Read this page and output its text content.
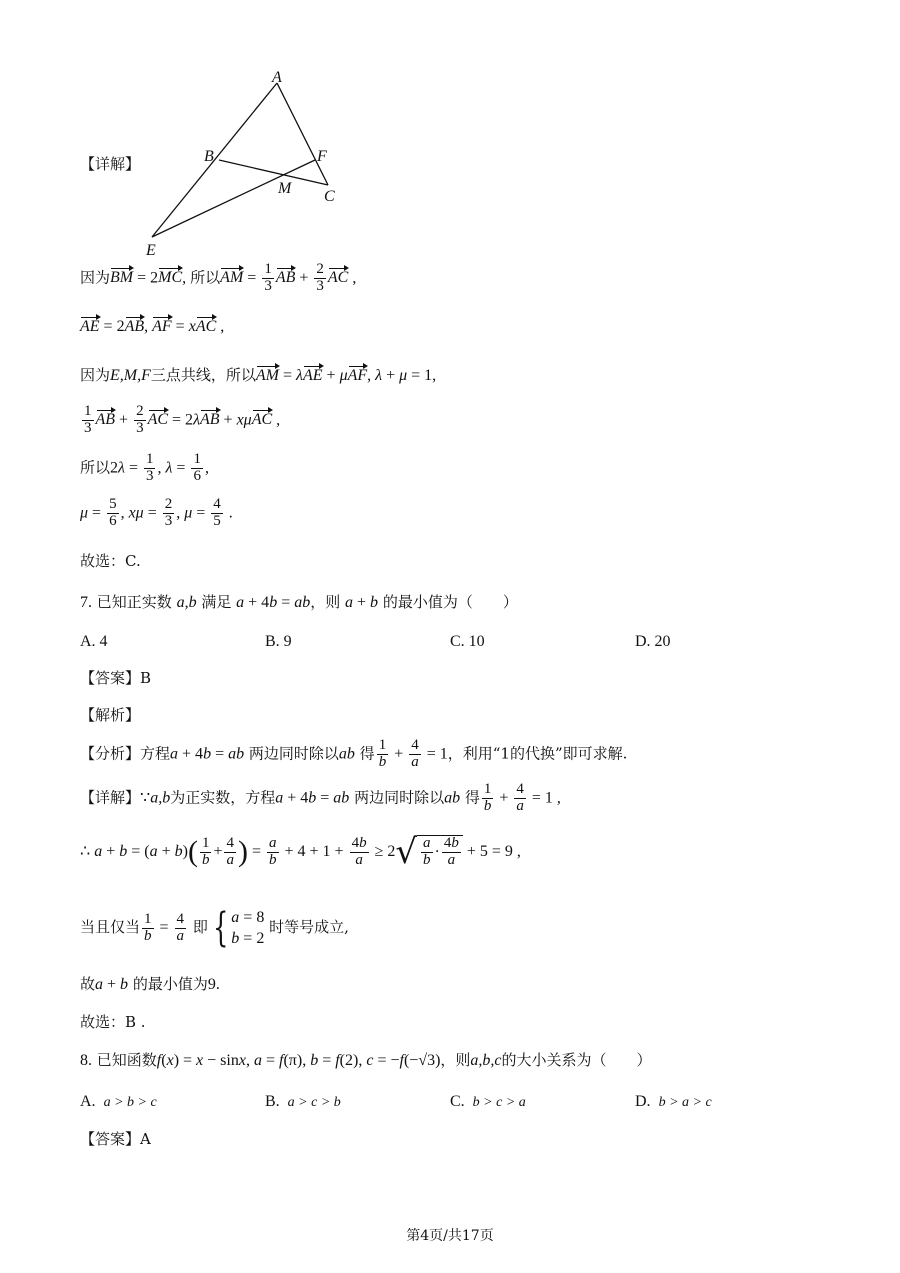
A
B	F
M C
E
【详解】
因为BM = 2MC, 所以AM = $\frac{1}{3}$ AB + $\frac{2}{3}$ AC ,
AE = 2AB, AF = xAC ,
因为E,M,F三点共线，所以AM = λAE + μAF, λ + μ = 1,
$\frac{1}{3}$ AB + $\frac{2}{3}$ AC = 2λAB + xμAC ,
所以$2\lambda = \frac{1}{3}$ , $\lambda = \frac{1}{6}$ ,
$\mu = \frac{5}{6}$ , $x\mu = \frac{2}{3}$ , $\mu = \frac{4}{5}$ .
故选：C.
7. 已知正实数 a,b 满足 a + 4b = ab，则 a + b 的最小值为（　　）
A. 4	B. 9	C. 10	D. 20
【答案】B
【解析】
【分析】方程a + 4b = ab 两边同时除以ab 得 $\frac{1}{b} + \frac{4}{a} = 1$，利用“1的代换”即可求解.
【详解】∵a,b为正实数，方程a + 4b = ab 两边同时除以ab 得 $\frac{1}{b} + \frac{4}{a} = 1$ ,
∴ $a + b = (a + b)( \frac{1}{b} + \frac{4}{a}$ ) = $\frac{a}{b} + 4 + 1 + \frac{4b}{a} \ge 2√ \frac{a}{b} \cdot \frac{4b}{a} + 5 = 9$ ,
当且仅当 $\frac{1}{b} = \frac{4}{a}$ 即 { a = 8
b = 2 时等号成立,
故a + b 的最小值为9.
故选：B .
8. 已知函数f(x) = x − sinx, a = f(π), b = f(2), c = −f(−√3)，则a,b,c的大小关系为（　　）
A. a > b > c	B. a > c > b	C. b > c > a	D. b > a > c
【答案】A
第4页/共17页
